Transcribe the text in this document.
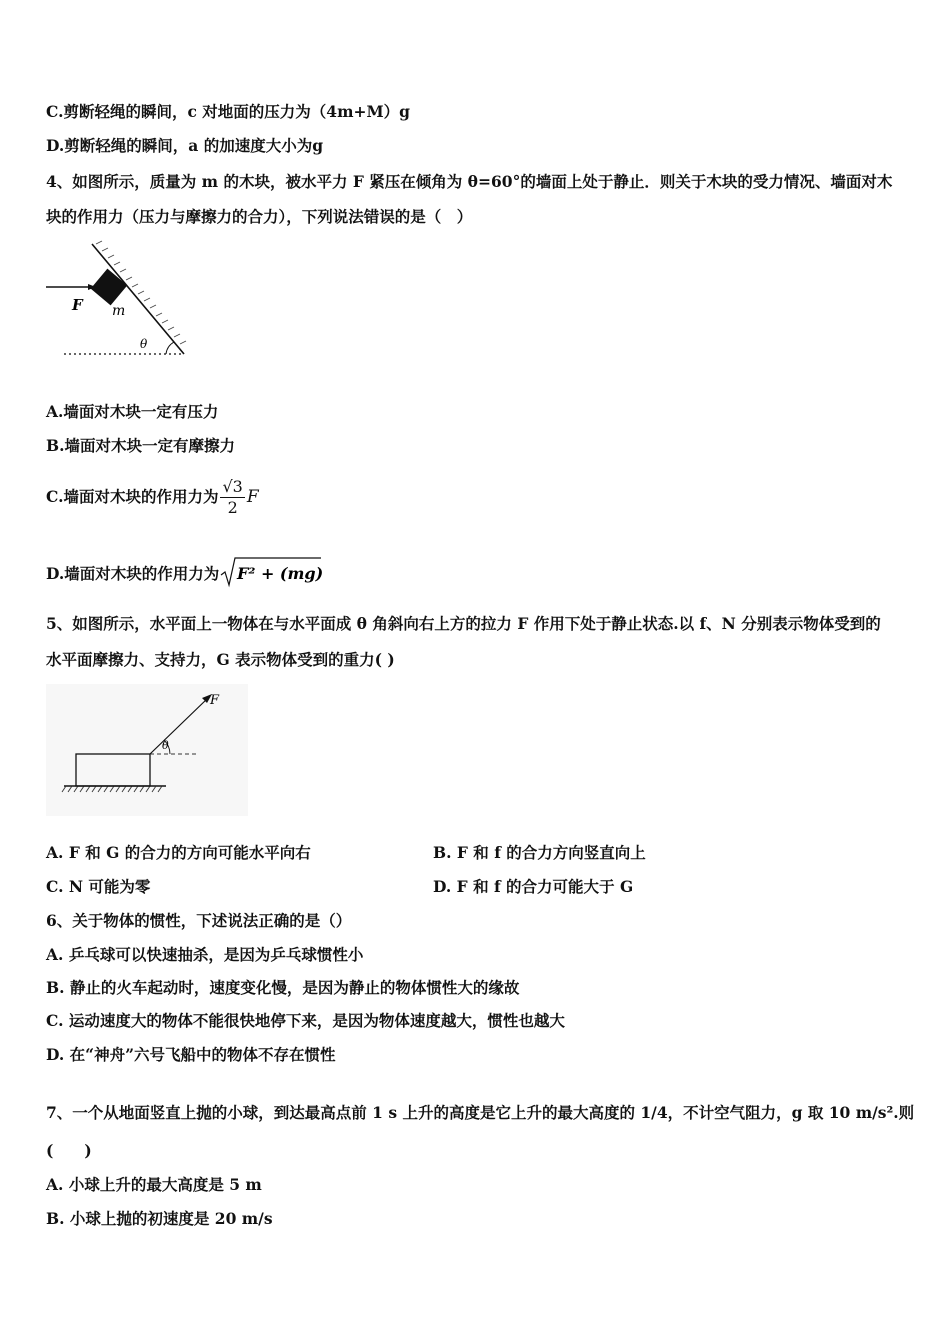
C.剪断轻绳的瞬间，c 对地面的压力为（4m+M）g
D.剪断轻绳的瞬间，a 的加速度大小为g
4、如图所示，质量为 m 的木块，被水平力 F 紧压在倾角为 θ=60°的墙面上处于静止．则关于木块的受力情况、墙面对木
块的作用力（压力与摩擦力的合力），下列说法错误的是（　）
F m
θ
A.墙面对木块一定有压力
B.墙面对木块一定有摩擦力
C.墙面对木块的作用力为 $\frac{√3}{2}$ F
D.墙面对木块的作用力为 F² + (mg)²
5、如图所示，水平面上一物体在与水平面成 θ 角斜向右上方的拉力 F 作用下处于静止状态.以 f、N 分别表示物体受到的
水平面摩擦力、支持力，G 表示物体受到的重力( )
F
θ
A. F 和 G 的合力的方向可能水平向右	B. F 和 f 的合力方向竖直向上
C. N 可能为零	D. F 和 f 的合力可能大于 G
6、关于物体的惯性，下述说法正确的是（）
A. 乒乓球可以快速抽杀，是因为乒乓球惯性小
B. 静止的火车起动时，速度变化慢，是因为静止的物体惯性大的缘故
C. 运动速度大的物体不能很快地停下来，是因为物体速度越大，惯性也越大
D. 在“神舟”六号飞船中的物体不存在惯性
7、一个从地面竖直上抛的小球，到达最高点前 1 s 上升的高度是它上升的最大高度的 1/4，不计空气阻力，g 取 10 m/s².则
(　　)
A. 小球上升的最大高度是 5 m
B. 小球上抛的初速度是 20 m/s
